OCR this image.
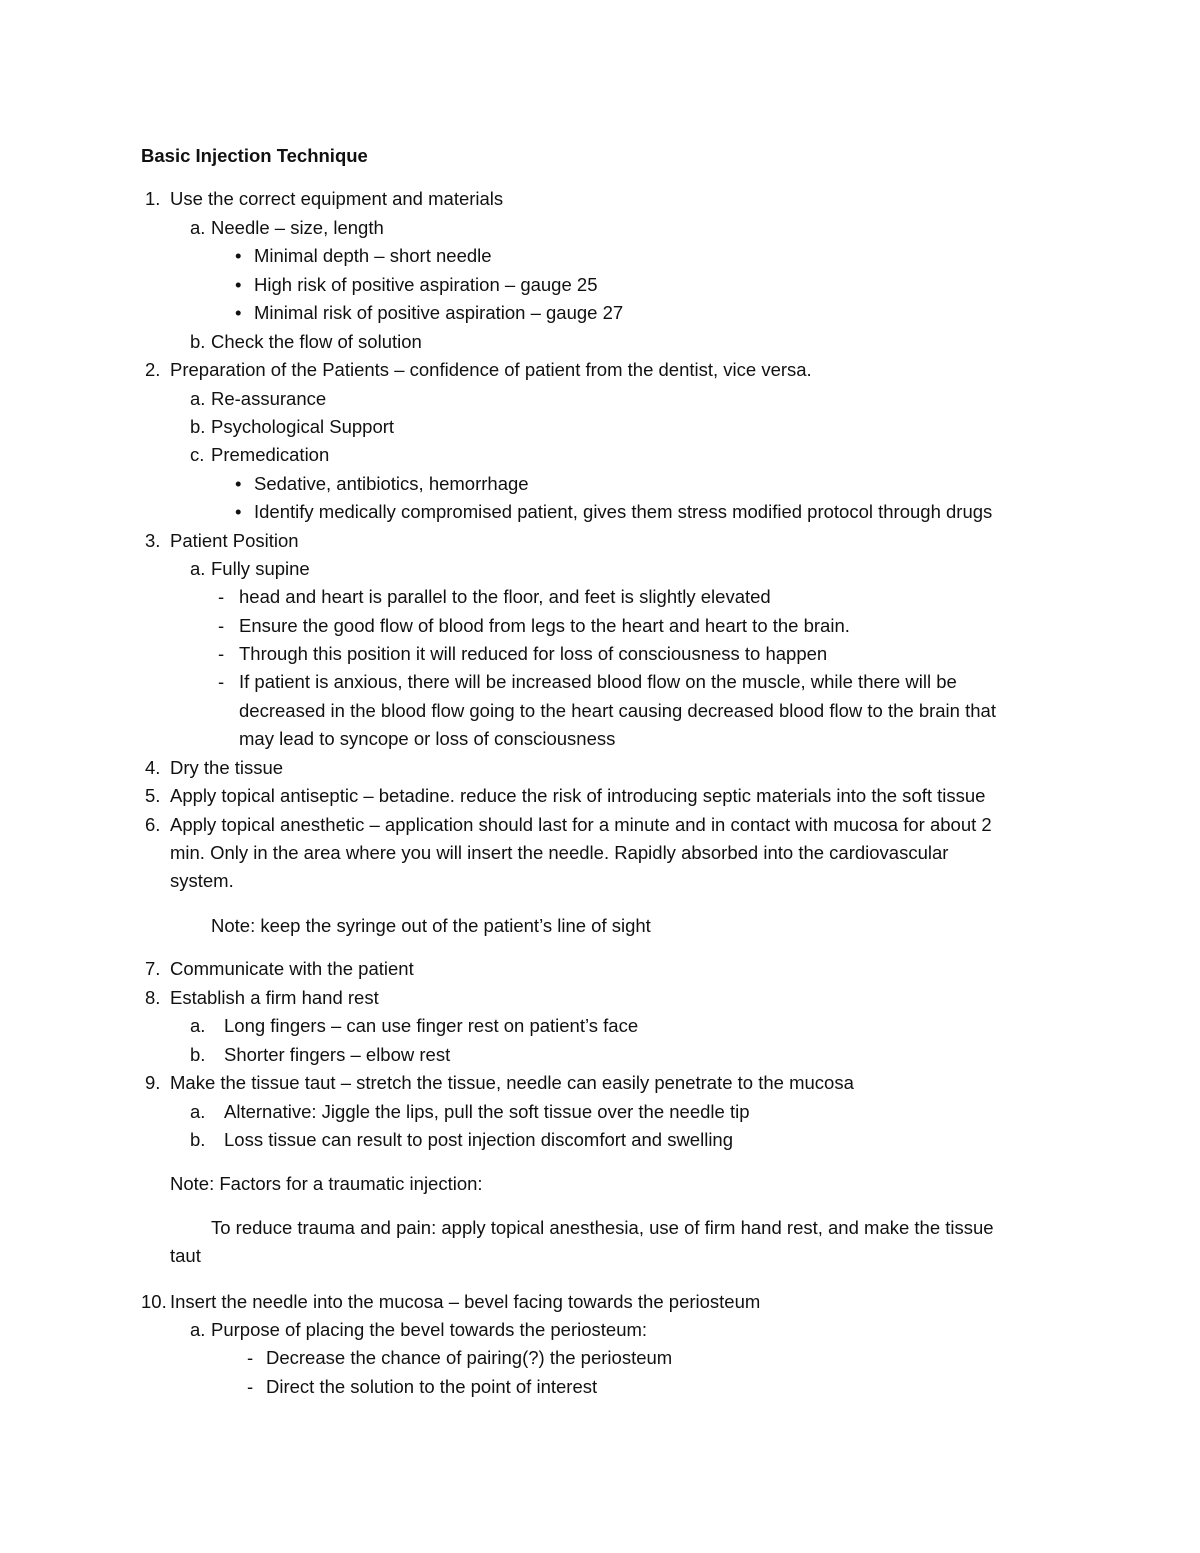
Basic Injection Technique
1. Use the correct equipment and materials
a. Needle – size, length
• Minimal depth – short needle
• High risk of positive aspiration – gauge 25
• Minimal risk of positive aspiration – gauge 27
b. Check the flow of solution
2. Preparation of the Patients – confidence of patient from the dentist, vice versa.
a. Re-assurance
b. Psychological Support
c. Premedication
• Sedative, antibiotics, hemorrhage
• Identify medically compromised patient, gives them stress modified protocol through drugs
3. Patient Position
a. Fully supine
- head and heart is parallel to the floor, and feet is slightly elevated
- Ensure the good flow of blood from legs to the heart and heart to the brain.
- Through this position it will reduced for loss of consciousness to happen
- If patient is anxious, there will be increased blood flow on the muscle, while there will be
decreased in the blood flow going to the heart causing decreased blood flow to the brain that
may lead to syncope or loss of consciousness
4. Dry the tissue
5. Apply topical antiseptic – betadine. reduce the risk of introducing septic materials into the soft tissue
6. Apply topical anesthetic – application should last for a minute and in contact with mucosa for about 2
min. Only in the area where you will insert the needle. Rapidly absorbed into the cardiovascular
system.
Note: keep the syringe out of the patient’s line of sight
7. Communicate with the patient
8. Establish a firm hand rest
a. Long fingers – can use finger rest on patient’s face
b. Shorter fingers – elbow rest
9. Make the tissue taut – stretch the tissue, needle can easily penetrate to the mucosa
a. Alternative: Jiggle the lips, pull the soft tissue over the needle tip
b. Loss tissue can result to post injection discomfort and swelling
Note: Factors for a traumatic injection:
To reduce trauma and pain: apply topical anesthesia, use of firm hand rest, and make the tissue
taut
10. Insert the needle into the mucosa – bevel facing towards the periosteum
a. Purpose of placing the bevel towards the periosteum:
- Decrease the chance of pairing(?) the periosteum
- Direct the solution to the point of interest
